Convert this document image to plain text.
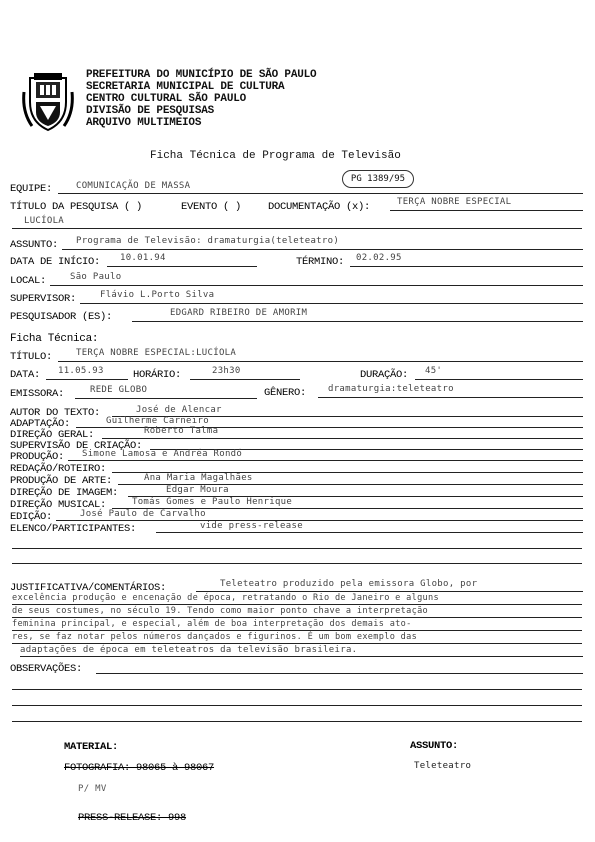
PREFEITURA DO MUNICÍPIO DE SÃO PAULO
SECRETARIA MUNICIPAL DE CULTURA
CENTRO CULTURAL SÃO PAULO
DIVISÃO DE PESQUISAS
ARQUIVO MULTIMEIOS
Ficha Técnica de Programa de Televisão
PG 1389/95
EQUIPE:	COMUNICAÇÃO DE MASSA
TÍTULO DA PESQUISA ( )	EVENTO ( )	DOCUMENTAÇÃO (x):	TERÇA NOBRE ESPECIAL
LUCÍOLA
ASSUNTO: Programa de Televisão: dramaturgia(teleteatro)
DATA DE INÍCIO: 10.01.94	TÉRMINO: 02.02.95
LOCAL:	São Paulo
SUPERVISOR:	Flávio L.Porto Silva
PESQUISADOR (ES):	EDGARD RIBEIRO DE AMORIM
Ficha Técnica:
TÍTULO:	TERÇA NOBRE ESPECIAL:LUCÍOLA
DATA: 11.05.93	HORÁRIO:	23h30	DURAÇÃO: 45'
EMISSORA:	REDE GLOBO	GÊNERO: dramaturgia:teleteatro
AUTOR DO TEXTO:	José de Alencar
ADAPTAÇÃO:	Guilherme Carneiro
DIREÇÃO GERAL:	Roberto Talma
SUPERVISÃO DE CRIAÇÃO:
PRODUÇÃO: Simone Lamosa e Andréa Rondó
REDAÇÃO/ROTEIRO:
PRODUÇÃO DE ARTE:	Ana Maria Magalhães
DIREÇÃO DE IMAGEM:	Edgar Moura
DIREÇÃO MUSICAL:	Tomás Gomes e Paulo Henrique
EDIÇÃO:	José Paulo de Carvalho
ELENCO/PARTICIPANTES:	vide press-release
JUSTIFICATIVA/COMENTÁRIOS:	Teleteatro produzido pela emissora Globo, por
excelência produção e encenação de época, retratando o Rio de Janeiro e alguns
de seus costumes, no século 19. Tendo como maior ponto chave a interpretação
feminina principal, e especial, além de boa interpretação dos demais ato-
res, se faz notar pelos números dançados e figurinos. É um bom exemplo das
adaptações de época em teleteatros da televisão brasileira.
OBSERVAÇÕES:
MATERIAL:	ASSUNTO:
FOTOGRAFIA: 98065 à 98067	Teleteatro
P/ MV
PRESS-RELEASE: 998
